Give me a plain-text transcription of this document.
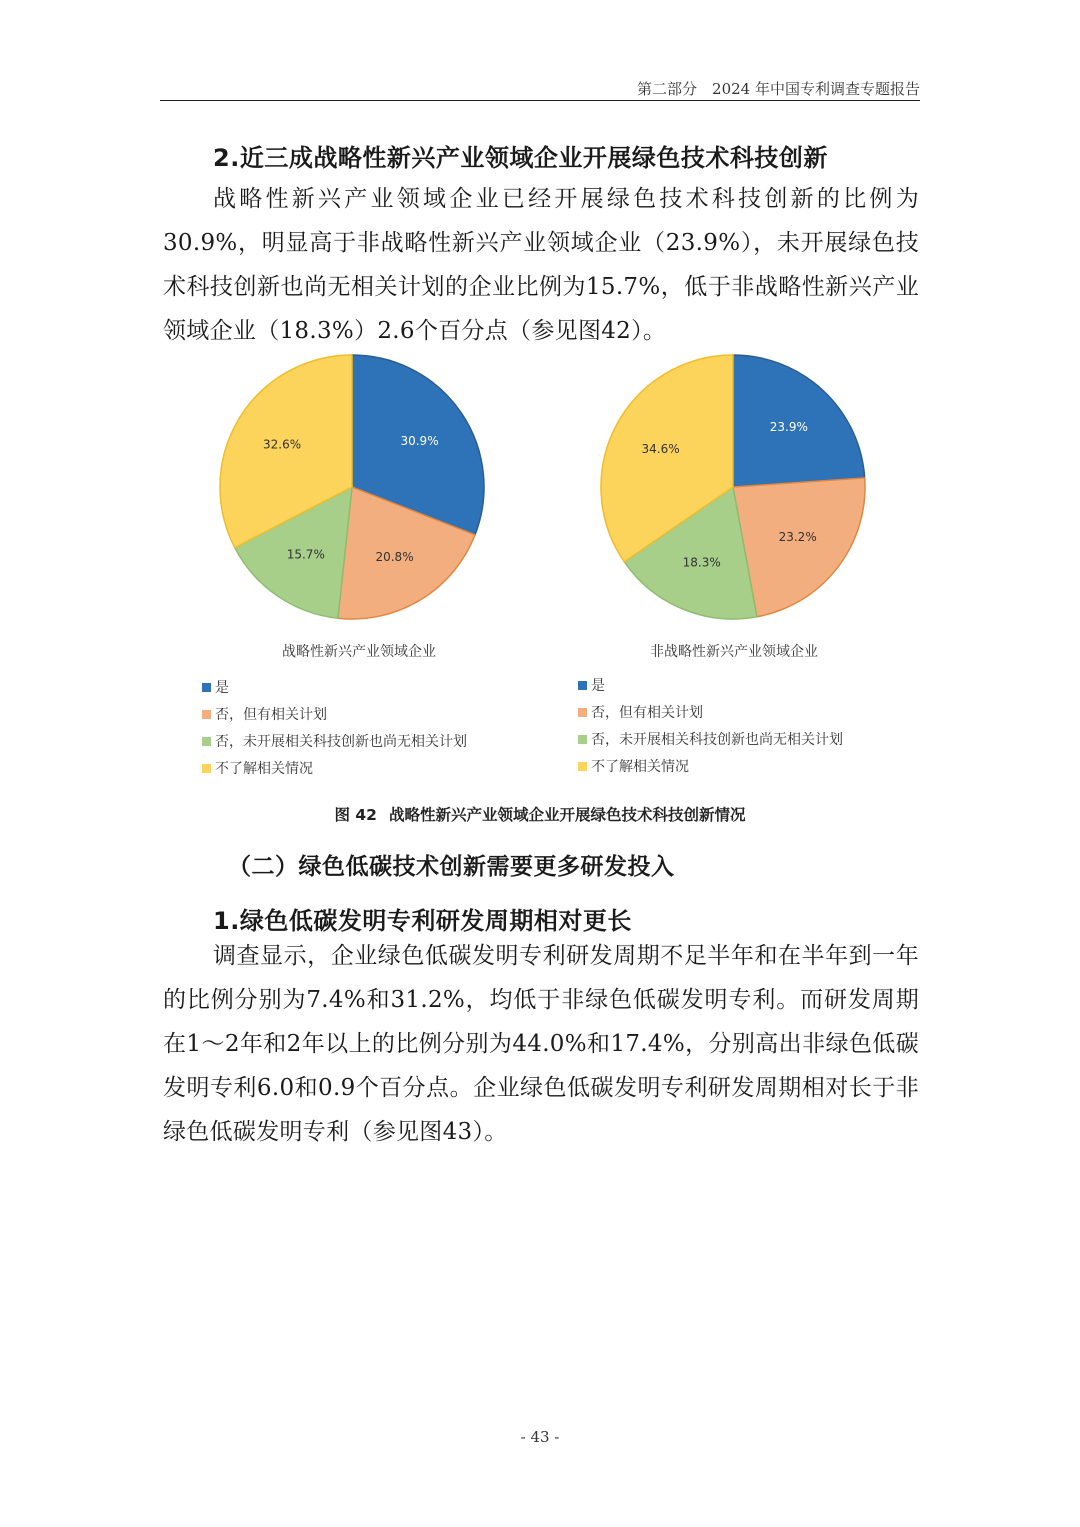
第二部分　2024 年中国专利调查专题报告
2.近三成战略性新兴产业领域企业开展绿色技术科技创新

战略性新兴产业领域企业已经开展绿色技术科技创新的比例为30.9%，明显高于非战略性新兴产业领域企业（23.9%），未开展绿色技术科技创新也尚无相关计划的企业比例为15.7%，低于非战略性新兴产业领域企业（18.3%）2.6个百分点（参见图42）。

30.9%
20.8%
15.7%
32.6%
23.9%
23.2%
18.3%
34.6%
战略性新兴产业领域企业	非战略性新兴产业领域企业
是
否，但有相关计划
否，未开展相关科技创新也尚无相关计划
不了解相关情况
是
否，但有相关计划
否，未开展相关科技创新也尚无相关计划
不了解相关情况
图 42 战略性新兴产业领域企业开展绿色技术科技创新情况
（二）绿色低碳技术创新需要更多研发投入
1.绿色低碳发明专利研发周期相对更长

调查显示，企业绿色低碳发明专利研发周期不足半年和在半年到一年的比例分别为7.4%和31.2%，均低于非绿色低碳发明专利。而研发周期在1～2年和2年以上的比例分别为44.0%和17.4%，分别高出非绿色低碳发明专利6.0和0.9个百分点。企业绿色低碳发明专利研发周期相对长于非绿色低碳发明专利（参见图43）。

- 43 -
